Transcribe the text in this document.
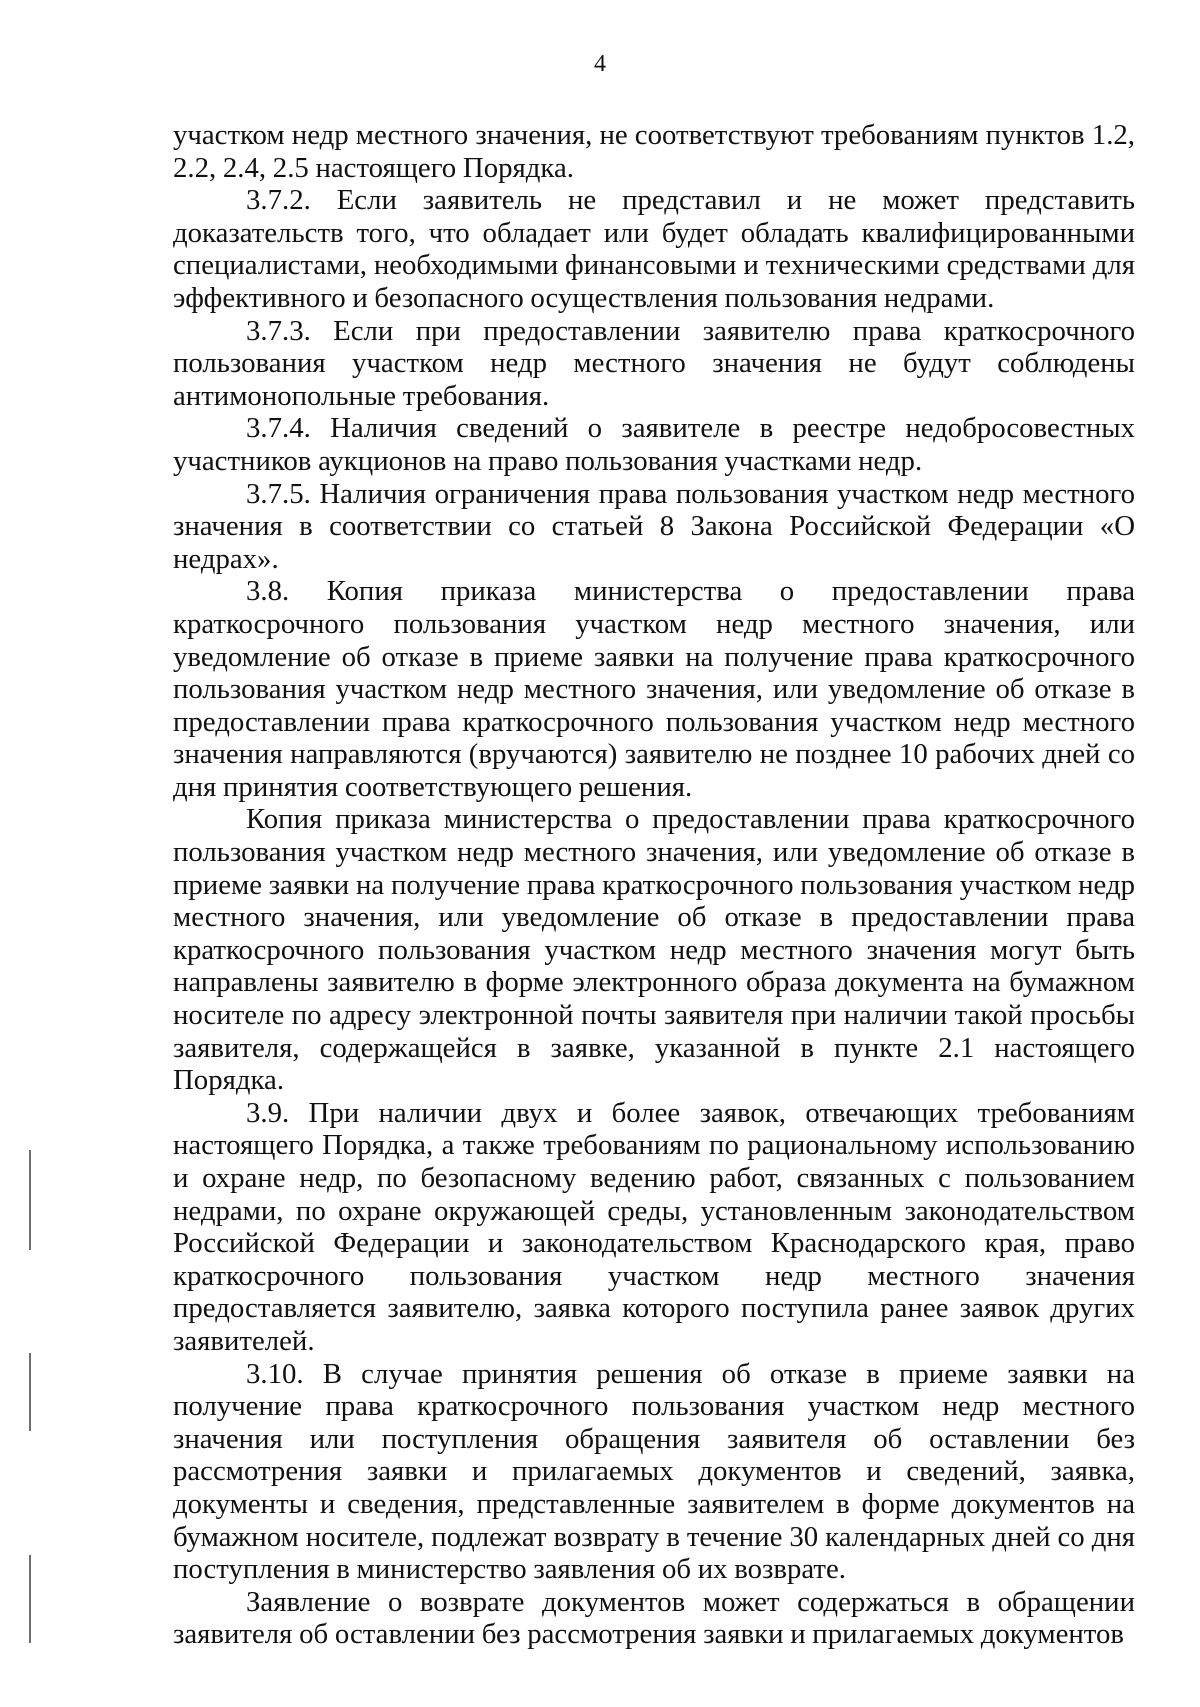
4

участком недр местного значения, не соответствуют требованиям пунктов 1.2, 2.2, 2.4, 2.5 настоящего Порядка.

3.7.2. Если заявитель не представил и не может представить доказательств того, что обладает или будет обладать квалифицированными специалистами, необходимыми финансовыми и техническими средствами для эффективного и безопасного осуществления пользования недрами.

3.7.3. Если при предоставлении заявителю права краткосрочного пользования участком недр местного значения не будут соблюдены антимонопольные требования.

3.7.4. Наличия сведений о заявителе в реестре недобросовестных участников аукционов на право пользования участками недр.

3.7.5. Наличия ограничения права пользования участком недр местного значения в соответствии со статьей 8 Закона Российской Федерации «О недрах».

3.8. Копия приказа министерства о предоставлении права краткосрочного пользования участком недр местного значения, или уведомление об отказе в приеме заявки на получение права краткосрочного пользования участком недр местного значения, или уведомление об отказе в предоставлении права краткосрочного пользования участком недр местного значения направляются (вручаются) заявителю не позднее 10 рабочих дней со дня принятия соответствующего решения.

Копия приказа министерства о предоставлении права краткосрочного пользования участком недр местного значения, или уведомление об отказе в приеме заявки на получение права краткосрочного пользования участком недр местного значения, или уведомление об отказе в предоставлении права краткосрочного пользования участком недр местного значения могут быть направлены заявителю в форме электронного образа документа на бумажном носителе по адресу электронной почты заявителя при наличии такой просьбы заявителя, содержащейся в заявке, указанной в пункте 2.1 настоящего Порядка.

3.9. При наличии двух и более заявок, отвечающих требованиям настоящего Порядка, а также требованиям по рациональному использованию и охране недр, по безопасному ведению работ, связанных с пользованием недрами, по охране окружающей среды, установленным законодательством Российской Федерации и законодательством Краснодарского края, право краткосрочного пользования участком недр местного значения предоставляется заявителю, заявка которого поступила ранее заявок других заявителей.

3.10. В случае принятия решения об отказе в приеме заявки на получение права краткосрочного пользования участком недр местного значения или поступления обращения заявителя об оставлении без рассмотрения заявки и прилагаемых документов и сведений, заявка, документы и сведения, представленные заявителем в форме документов на бумажном носителе, подлежат возврату в течение 30 календарных дней со дня поступления в министерство заявления об их возврате.

Заявление о возврате документов может содержаться в обращении заявителя об оставлении без рассмотрения заявки и прилагаемых документов
